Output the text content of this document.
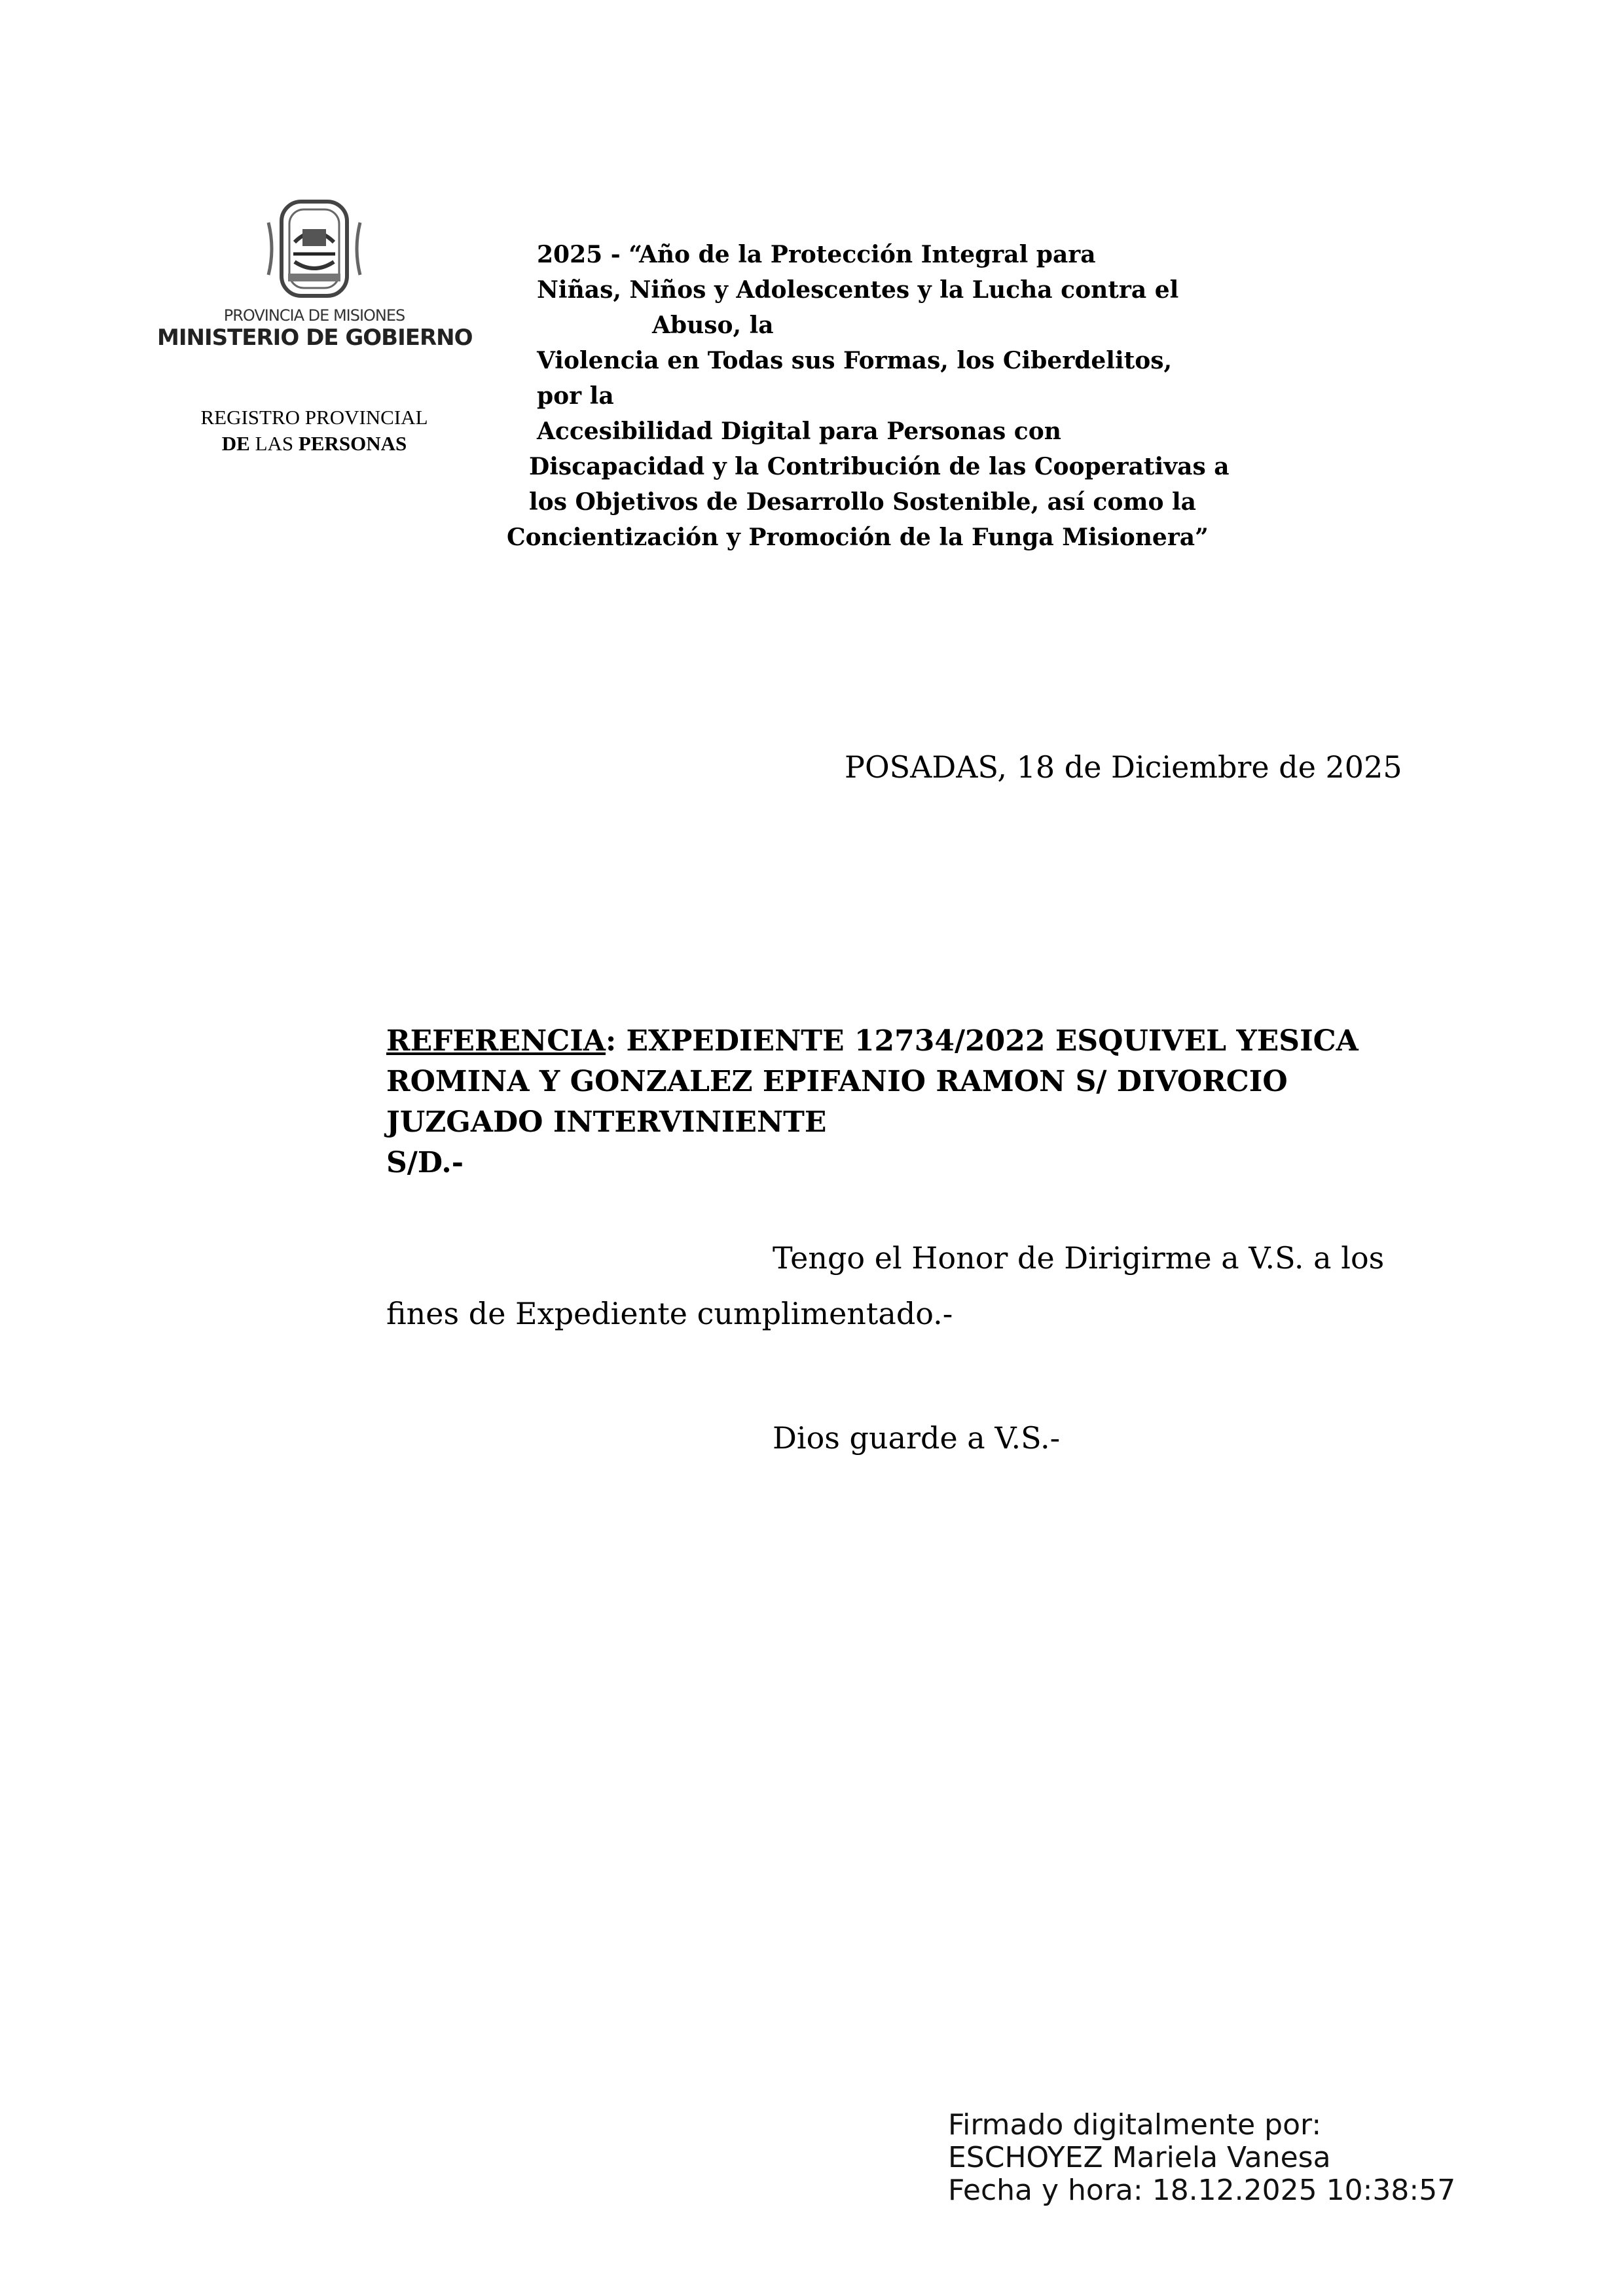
PROVINCIA DE MISIONES
MINISTERIO DE GOBIERNO
REGISTRO PROVINCIAL
DE LAS PERSONAS
2025 - “Año de la Protección Integral para
Niñas, Niños y Adolescentes y la Lucha contra el
Abuso, la
Violencia en Todas sus Formas, los Ciberdelitos,
por la
Accesibilidad Digital para Personas con
Discapacidad y la Contribución de las Cooperativas a
los Objetivos de Desarrollo Sostenible, así como la
Concientización y Promoción de la Funga Misionera”
POSADAS, 18 de Diciembre de 2025
REFERENCIA: EXPEDIENTE 12734/2022 ESQUIVEL YESICA
ROMINA Y GONZALEZ EPIFANIO RAMON S/ DIVORCIO
JUZGADO INTERVINIENTE
S/D.-
Tengo el Honor de Dirigirme a V.S. a los
fines de Expediente cumplimentado.-
Dios guarde a V.S.-
Firmado digitalmente por:
ESCHOYEZ Mariela Vanesa
Fecha y hora: 18.12.2025 10:38:57
